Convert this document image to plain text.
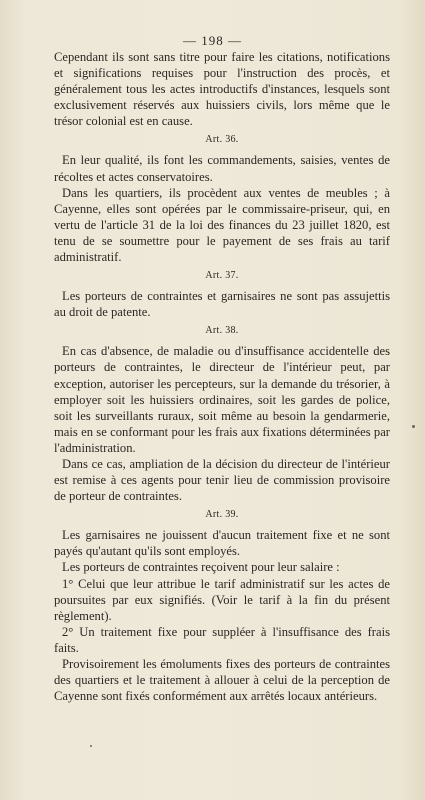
— 198 —

Cependant ils sont sans titre pour faire les citations, notifications et significations requises pour l'instruction des procès, et généralement tous les actes introductifs d'instances, lesquels sont exclusivement réservés aux huissiers civils, lors même que le trésor colonial est en cause.

Art. 36.

En leur qualité, ils font les commandements, saisies, ventes de récoltes et actes conservatoires.

Dans les quartiers, ils procèdent aux ventes de meubles ; à Cayenne, elles sont opérées par le commissaire-priseur, qui, en vertu de l'article 31 de la loi des finances du 23 juillet 1820, est tenu de se soumettre pour le payement de ses frais au tarif administratif.

Art. 37.

Les porteurs de contraintes et garnisaires ne sont pas assujettis au droit de patente.

Art. 38.

En cas d'absence, de maladie ou d'insuffisance accidentelle des porteurs de contraintes, le directeur de l'intérieur peut, par exception, autoriser les percepteurs, sur la demande du trésorier, à employer soit les huissiers ordinaires, soit les gardes de police, soit les surveillants ruraux, soit même au besoin la gendarmerie, mais en se conformant pour les frais aux fixations déterminées par l'administration.

Dans ce cas, ampliation de la décision du directeur de l'intérieur est remise à ces agents pour tenir lieu de commission provisoire de porteur de contraintes.

Art. 39.

Les garnisaires ne jouissent d'aucun traitement fixe et ne sont payés qu'autant qu'ils sont employés.

Les porteurs de contraintes reçoivent pour leur salaire :

1° Celui que leur attribue le tarif administratif sur les actes de poursuites par eux signifiés. (Voir le tarif à la fin du présent règlement).

2° Un traitement fixe pour suppléer à l'insuffisance des frais faits.

Provisoirement les émoluments fixes des porteurs de contraintes des quartiers et le traitement à allouer à celui de la perception de Cayenne sont fixés conformément aux arrêtés locaux antérieurs.
